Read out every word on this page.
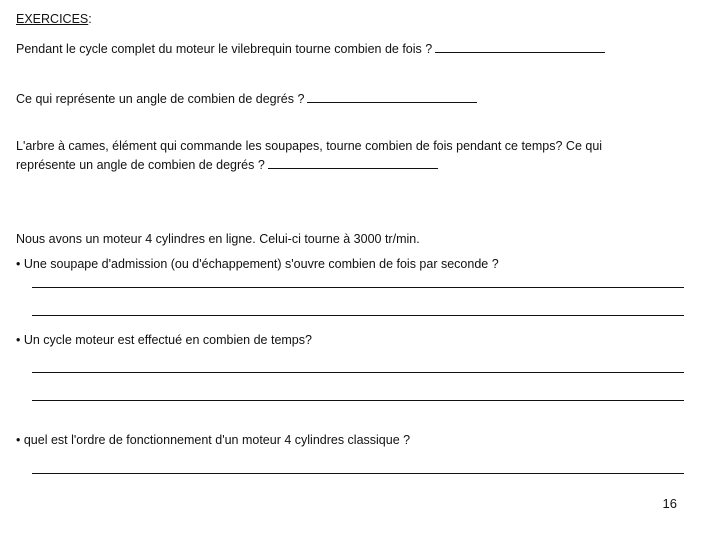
EXERCICES:
Pendant le cycle complet du moteur le vilebrequin tourne combien de fois ?
Ce qui représente un angle de combien de degrés ?
L'arbre à cames, élément qui commande les soupapes, tourne combien de fois pendant ce temps? Ce qui
représente un angle de combien de degrés ?
Nous avons un moteur 4 cylindres en ligne. Celui-ci tourne à 3000 tr/min.
• Une soupape d'admission (ou d'échappement) s'ouvre combien de fois par seconde ?
• Un cycle moteur est effectué en combien de temps?
• quel est l'ordre de fonctionnement d'un moteur 4 cylindres classique ?
16
